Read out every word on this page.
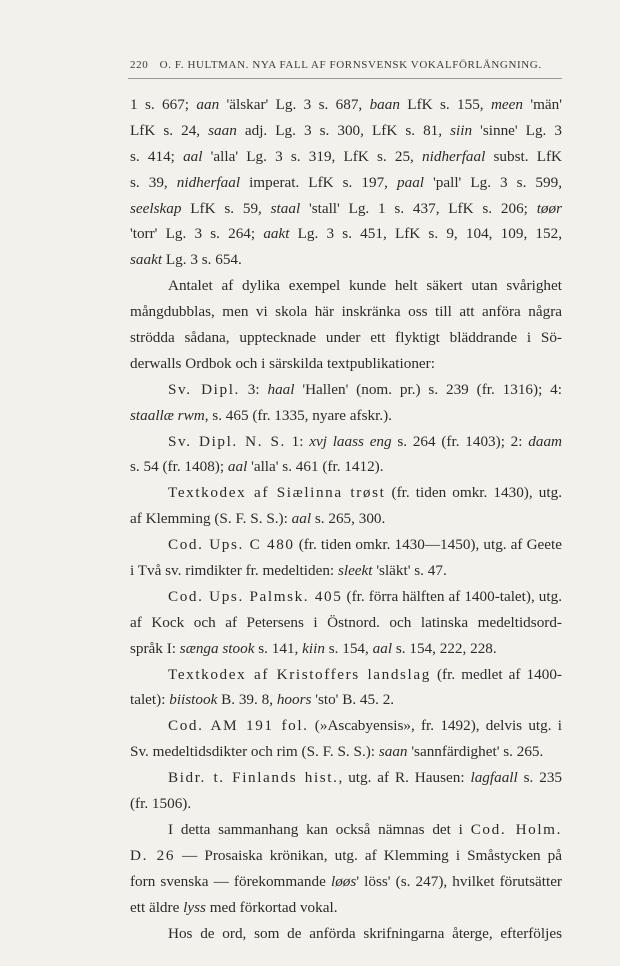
220 O. F. HULTMAN. NYA FALL AF FORNSVENSK VOKALFÖRLÄNGNING.
1 s. 667; aan 'älskar' Lg. 3 s. 687, baan LfK s. 155, meen 'män'
LfK s. 24, saan adj. Lg. 3 s. 300, LfK s. 81, siin 'sinne' Lg. 3
s. 414; aal 'alla' Lg. 3 s. 319, LfK s. 25, nidherfaal subst. LfK
s. 39, nidherfaal imperat. LfK s. 197, paal 'pall' Lg. 3 s. 599,
seelskap LfK s. 59, staal 'stall' Lg. 1 s. 437, LfK s. 206; tøør
'torr' Lg. 3 s. 264; aakt Lg. 3 s. 451, LfK s. 9, 104, 109, 152,
saakt Lg. 3 s. 654.
Antalet af dylika exempel kunde helt säkert utan svårighet
mångdubblas, men vi skola här inskränka oss till att anföra några
strödda sådana, upptecknade under ett flyktigt bläddrande i Sö-
derwalls Ordbok och i särskilda textpublikationer:
Sv. Dipl. 3: haal 'Hallen' (nom. pr.) s. 239 (fr. 1316); 4:
staallæ rwm, s. 465 (fr. 1335, nyare afskr.).
Sv. Dipl. N. S. 1: xvj laass eng s. 264 (fr. 1403); 2: daam
s. 54 (fr. 1408); aal 'alla' s. 461 (fr. 1412).
Textkodex af Siælinna trøst (fr. tiden omkr. 1430), utg.
af Klemming (S. F. S. S.): aal s. 265, 300.
Cod. Ups. C 480 (fr. tiden omkr. 1430—1450), utg. af Geete
i Två sv. rimdikter fr. medeltiden: sleekt 'släkt' s. 47.
Cod. Ups. Palmsk. 405 (fr. förra hälften af 1400-talet), utg.
af Kock och af Petersens i Östnord. och latinska medeltidsord-
språk I: sænga stook s. 141, kiin s. 154, aal s. 154, 222, 228.
Textkodex af Kristoffers landslag (fr. medlet af 1400-
talet): biistook B. 39. 8, hoors 'sto' B. 45. 2.
Cod. AM 191 fol. (»Ascabyensis», fr. 1492), delvis utg. i
Sv. medeltidsdikter och rim (S. F. S. S.): saan 'sannfärdighet' s. 265.
Bidr. t. Finlands hist., utg. af R. Hausen: lagfaall s. 235
(fr. 1506).
I detta sammanhang kan också nämnas det i Cod. Holm.
D. 26 — Prosaiska krönikan, utg. af Klemming i Småstycken på
forn svenska — förekommande løøs' löss' (s. 247), hvilket förutsätter
ett äldre lyss med förkortad vokal.
Hos de ord, som de anförda skrifningarna återge, efterföljes
